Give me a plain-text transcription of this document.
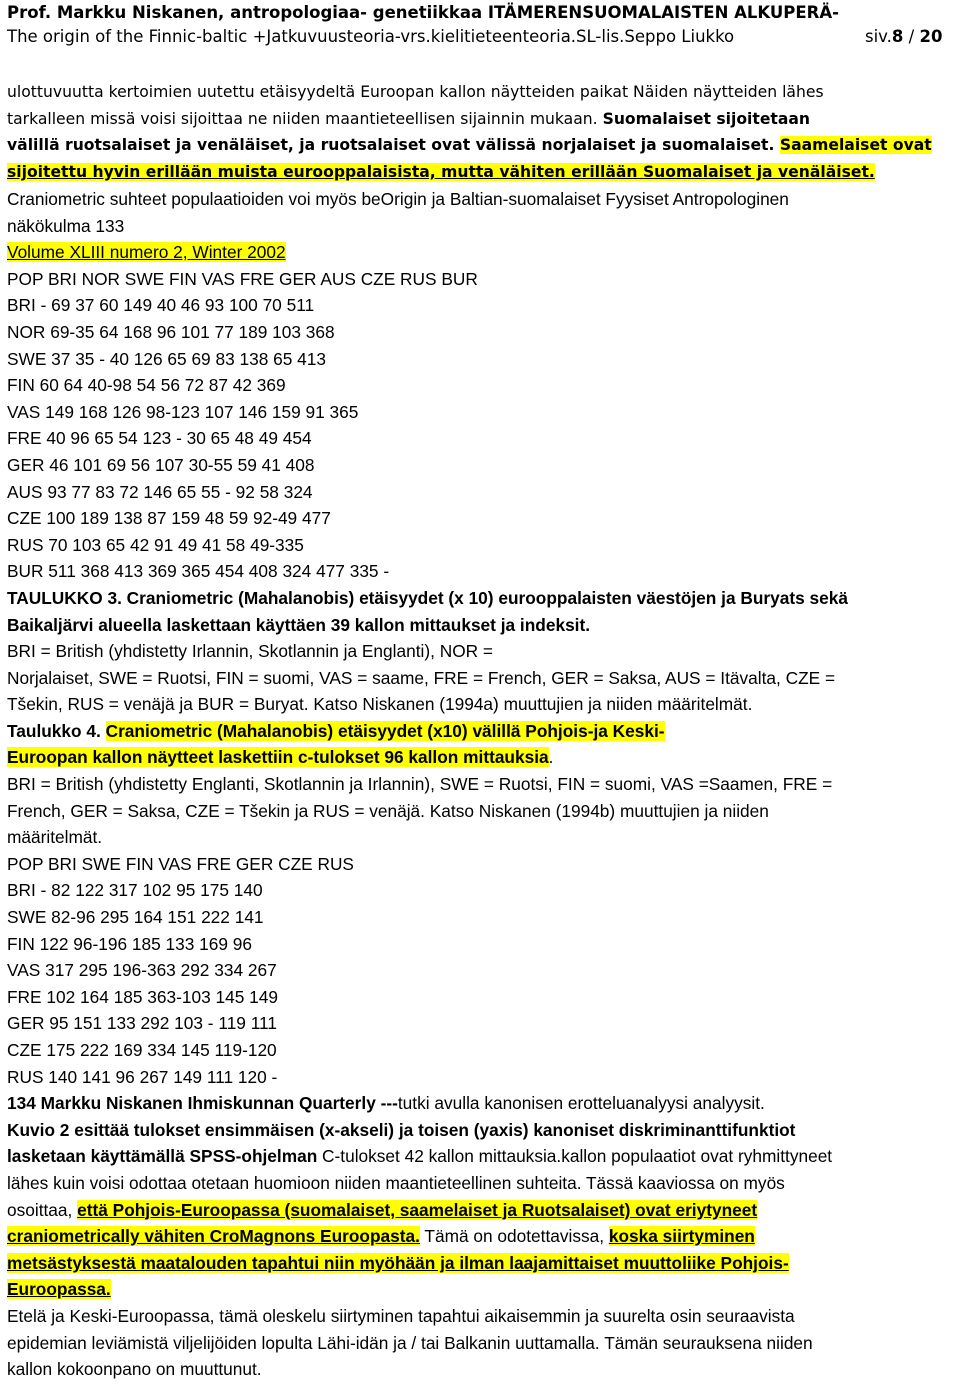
Prof. Markku Niskanen, antropologiaa- genetiikkaa ITÄMERENSUOMALAISTEN ALKUPERÄ-
The origin of the Finnic-baltic +Jatkuvuusteoria-vrs.kielitieteenteoria.SL-lis.Seppo Liukko	siv.8 / 20
ulottuvuutta kertoimien uutettu etäisyydeltä Euroopan kallon näytteiden paikat Näiden näytteiden lähes
tarkalleen missä voisi sijoittaa ne niiden maantieteellisen sijainnin mukaan. Suomalaiset sijoitetaan
välillä ruotsalaiset ja venäläiset, ja ruotsalaiset ovat välissä norjalaiset ja suomalaiset. Saamelaiset ovat
sijoitettu hyvin erillään muista eurooppalaisista, mutta vähiten erillään Suomalaiset ja venäläiset.
Craniometric suhteet populaatioiden voi myös beOrigin ja Baltian-suomalaiset Fyysiset Antropologinen
näkökulma 133
Volume XLIII numero 2, Winter 2002
POP BRI NOR SWE FIN VAS FRE GER AUS CZE RUS BUR
BRI - 69 37 60 149 40 46 93 100 70 511
NOR 69-35 64 168 96 101 77 189 103 368
SWE 37 35 - 40 126 65 69 83 138 65 413
FIN 60 64 40-98 54 56 72 87 42 369
VAS 149 168 126 98-123 107 146 159 91 365
FRE 40 96 65 54 123 - 30 65 48 49 454
GER 46 101 69 56 107 30-55 59 41 408
AUS 93 77 83 72 146 65 55 - 92 58 324
CZE 100 189 138 87 159 48 59 92-49 477
RUS 70 103 65 42 91 49 41 58 49-335
BUR 511 368 413 369 365 454 408 324 477 335 -
TAULUKKO 3. Craniometric (Mahalanobis) etäisyydet (x 10) eurooppalaisten väestöjen ja Buryats sekä
Baikaljärvi alueella laskettaan käyttäen 39 kallon mittaukset ja indeksit.
BRI = British (yhdistetty Irlannin, Skotlannin ja Englanti), NOR =
Norjalaiset, SWE = Ruotsi, FIN = suomi, VAS = saame, FRE = French, GER = Saksa, AUS = Itävalta, CZE =
Tšekin, RUS = venäjä ja BUR = Buryat. Katso Niskanen (1994a) muuttujien ja niiden määritelmät.
Taulukko 4. Craniometric (Mahalanobis) etäisyydet (x10) välillä Pohjois-ja Keski-
Euroopan kallon näytteet laskettiin c-tulokset 96 kallon mittauksia.
BRI = British (yhdistetty Englanti, Skotlannin ja Irlannin), SWE = Ruotsi, FIN = suomi, VAS =Saamen, FRE =
French, GER = Saksa, CZE = Tšekin ja RUS = venäjä. Katso Niskanen (1994b) muuttujien ja niiden
määritelmät.
POP BRI SWE FIN VAS FRE GER CZE RUS
BRI - 82 122 317 102 95 175 140
SWE 82-96 295 164 151 222 141
FIN 122 96-196 185 133 169 96
VAS 317 295 196-363 292 334 267
FRE 102 164 185 363-103 145 149
GER 95 151 133 292 103 - 119 111
CZE 175 222 169 334 145 119-120
RUS 140 141 96 267 149 111 120 -
134 Markku Niskanen Ihmiskunnan Quarterly ---tutki avulla kanonisen erotteluanalyysi analyysit.
Kuvio 2 esittää tulokset ensimmäisen (x-akseli) ja toisen (yaxis) kanoniset diskriminanttifunktiot
lasketaan käyttämällä SPSS-ohjelman C-tulokset 42 kallon mittauksia.kallon populaatiot ovat ryhmittyneet
lähes kuin voisi odottaa otetaan huomioon niiden maantieteellinen suhteita. Tässä kaaviossa on myös
osoittaa, että Pohjois-Euroopassa (suomalaiset, saamelaiset ja Ruotsalaiset) ovat eriytyneet
craniometrically vähiten CroMagnons Euroopasta. Tämä on odotettavissa, koska siirtyminen
metsästyksestä maatalouden tapahtui niin myöhään ja ilman laajamittaiset muuttoliike Pohjois-
Euroopassa.
Etelä ja Keski-Euroopassa, tämä oleskelu siirtyminen tapahtui aikaisemmin ja suurelta osin seuraavista
epidemian leviämistä viljelijöiden lopulta Lähi-idän ja / tai Balkanin uuttamalla. Tämän seurauksena niiden
kallon kokoonpano on muuttunut.
